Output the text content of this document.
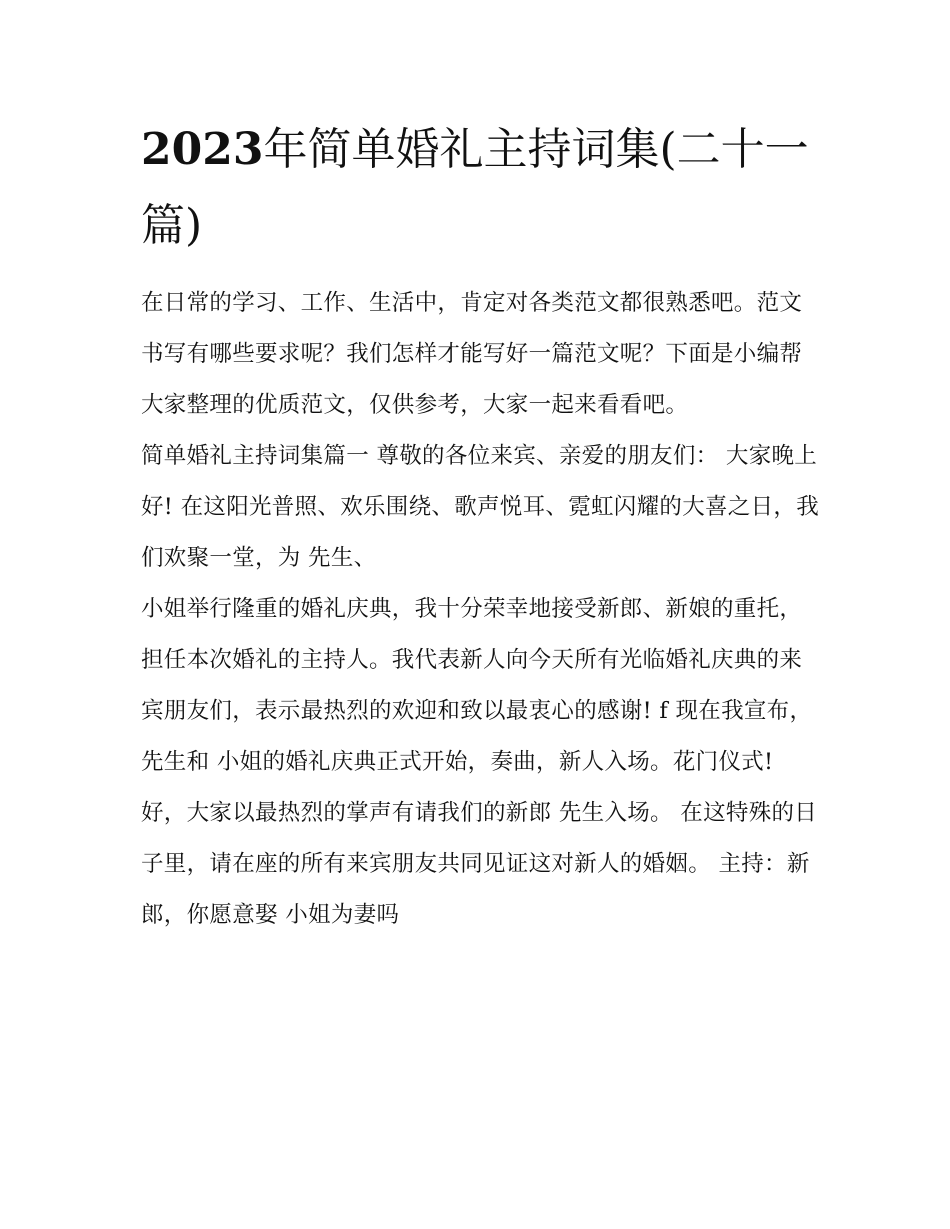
2023年简单婚礼主持词集(二十一篇)

在日常的学习、工作、生活中，肯定对各类范文都很熟悉吧。范文书写有哪些要求呢？我们怎样才能写好一篇范文呢？下面是小编帮大家整理的优质范文，仅供参考，大家一起来看看吧。

简单婚礼主持词集篇一 尊敬的各位来宾、亲爱的朋友们： 大家晚上好! 在这阳光普照、欢乐围绕、歌声悦耳、霓虹闪耀的大喜之日，我们欢聚一堂，为 先生、

小姐举行隆重的婚礼庆典，我十分荣幸地接受新郎、新娘的重托，担任本次婚礼的主持人。我代表新人向今天所有光临婚礼庆典的来

宾朋友们，表示最热烈的欢迎和致以最衷心的感谢! f 现在我宣布， 先生和 小姐的婚礼庆典正式开始，奏曲，新人入场。花门仪式!

好，大家以最热烈的掌声有请我们的新郎 先生入场。 在这特殊的日子里，请在座的所有来宾朋友共同见证这对新人的婚姻。 主持：新郎，你愿意娶 小姐为妻吗
